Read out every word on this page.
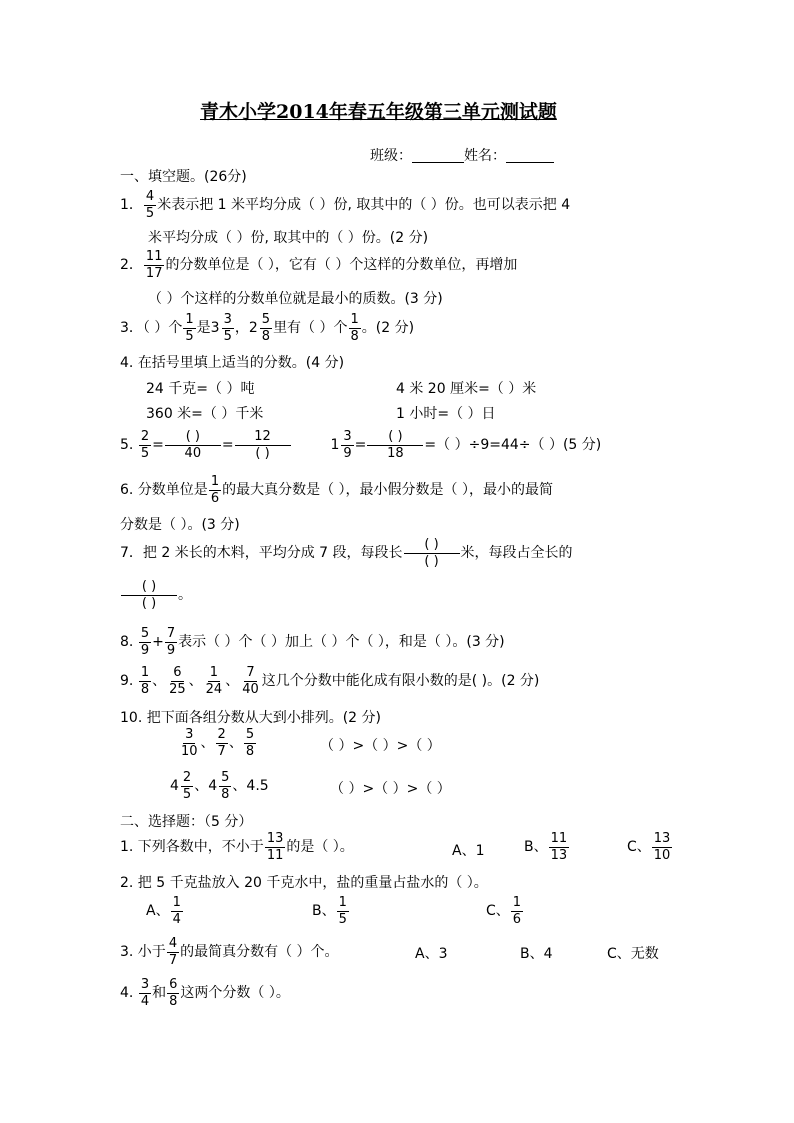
青木小学2014年春五年级第三单元测试题
班级：	姓名：
一、填空题。(26分)
1． $\frac{4}{5}$ 米表示把 1 米平均分成（ ）份, 取其中的（ ）份。也可以表示把 4
米平均分成（ ）份, 取其中的（ ）份。(2 分)
2． $\frac{11}{17}$ 的分数单位是（ ），它有（ ）个这样的分数单位，再增加
（ ）个这样的分数单位就是最小的质数。(3 分)
3．（ ）个 $\frac{1}{5}$ 是 3
3
5 ， 2
5
8 里有（ ）个 $\frac{1}{8}$ 。(2 分)
4. 在括号里填上适当的分数。(4 分)
24 千克=（ ）吨	4 米 20 厘米=（ ）米
360 米=（ ）千米	1 小时=（ ）日
5. $\frac{2}{5}$ =
( )
40	=
12
( )
	1
3
9 =
( )
18	=（ ）÷9=44÷（ ）(5 分)
6. 分数单位是 $\frac{1}{6}$ 的最大真分数是（ ），最小假分数是（ ），最小的最简
分数是（ ）。(3 分)
7．把 2 米长的木料，平均分成 7 段，每段长
( )
( )	米，每段占全长的
( )
( )	。
8. $\frac{5}{9} + \frac{7}{9}$ 表示（ ）个（ ）加上（ ）个（ ），和是（ ）。(3 分)
9. $\frac{1}{8}$ 、 $\frac{6}{25}$ 、 $\frac{1}{24}$ 、 $\frac{7}{40}$ 这几个分数中能化成有限小数的是( )。(2 分)
10. 把下面各组分数从大到小排列。(2 分)
$\frac{3}{10}$ 、 $\frac{2}{7}$ 、 $\frac{5}{8}$	（ ）>（ ）>（ ）
4
2
5 、 4
5
8 、4.5	（ ）>（ ）>（ ）
二、选择题：（5 分）
1. 下列各数中，不小于 $\frac{13}{11}$ 的是（ ）。	A、1	B、 $\frac{11}{13}$	C、 $\frac{13}{10}$
2. 把 5 千克盐放入 20 千克水中，盐的重量占盐水的（ ）。
A、 $\frac{1}{4}$	B、 $\frac{1}{5}$	C、 $\frac{1}{6}$
3. 小于 $\frac{4}{7}$ 的最简真分数有（ ）个。	A、3	B、4	C、无数
4. $\frac{3}{4}$ 和 $\frac{6}{8}$ 这两个分数（ ）。
